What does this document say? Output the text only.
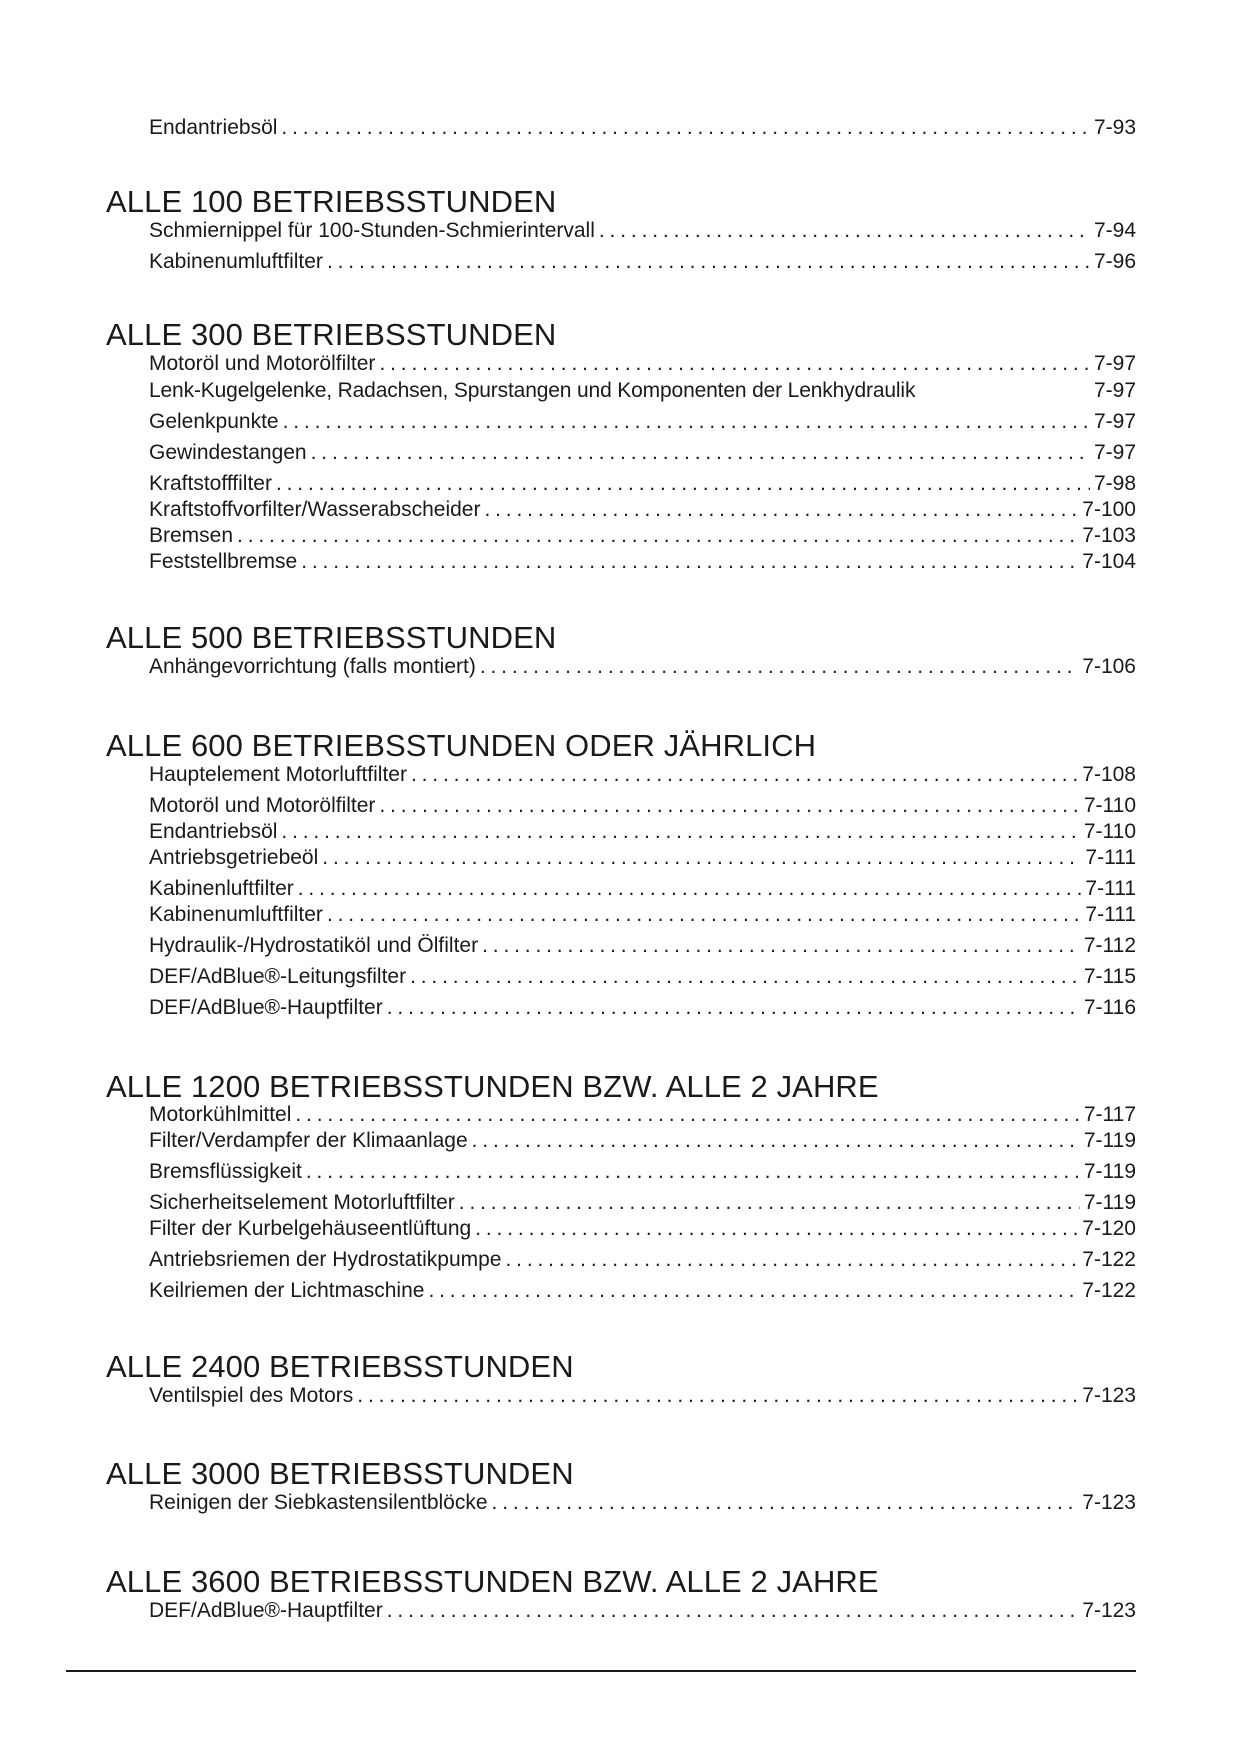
Endantriebsöl . . .	7-93
ALLE 100 BETRIEBSSTUNDEN
Schmiernippel für 100-Stunden-Schmierintervall . . .	7-94
Kabinenumluftfilter . . .	7-96
ALLE 300 BETRIEBSSTUNDEN
Motoröl und Motorölfilter . . .	7-97
Lenk-Kugelgelenke, Radachsen, Spurstangen und Komponenten der Lenkhydraulik	7-97
Gelenkpunkte . . .	7-97
Gewindestangen . . .	7-97
Kraftstofffilter . . .	7-98
Kraftstoffvorfilter/Wasserabscheider . . .	7-100
Bremsen . . .	7-103
Feststellbremse . . .	7-104
ALLE 500 BETRIEBSSTUNDEN
Anhängevorrichtung (falls montiert) . . .	7-106
ALLE 600 BETRIEBSSTUNDEN ODER JÄHRLICH
Hauptelement Motorluftfilter . . .	7-108
Motoröl und Motorölfilter . . .	7-110
Endantriebsöl . . .	7-110
Antriebsgetriebeöl . . .	7-111
Kabinenluftfilter . . .	7-111
Kabinenumluftfilter . . .	7-111
Hydraulik-/Hydrostatiköl und Ölfilter . . .	7-112
DEF/AdBlue®-Leitungsfilter . . .	7-115
DEF/AdBlue®-Hauptfilter . . .	7-116
ALLE 1200 BETRIEBSSTUNDEN BZW. ALLE 2 JAHRE
Motorkühlmittel . . .	7-117
Filter/Verdampfer der Klimaanlage . . .	7-119
Bremsflüssigkeit . . .	7-119
Sicherheitselement Motorluftfilter . . .	7-119
Filter der Kurbelgehäuseentlüftung . . .	7-120
Antriebsriemen der Hydrostatikpumpe . . .	7-122
Keilriemen der Lichtmaschine . . .	7-122
ALLE 2400 BETRIEBSSTUNDEN
Ventilspiel des Motors . . .	7-123
ALLE 3000 BETRIEBSSTUNDEN
Reinigen der Siebkastensilentblöcke . . .	7-123
ALLE 3600 BETRIEBSSTUNDEN BZW. ALLE 2 JAHRE
DEF/AdBlue®-Hauptfilter . . .	7-123
